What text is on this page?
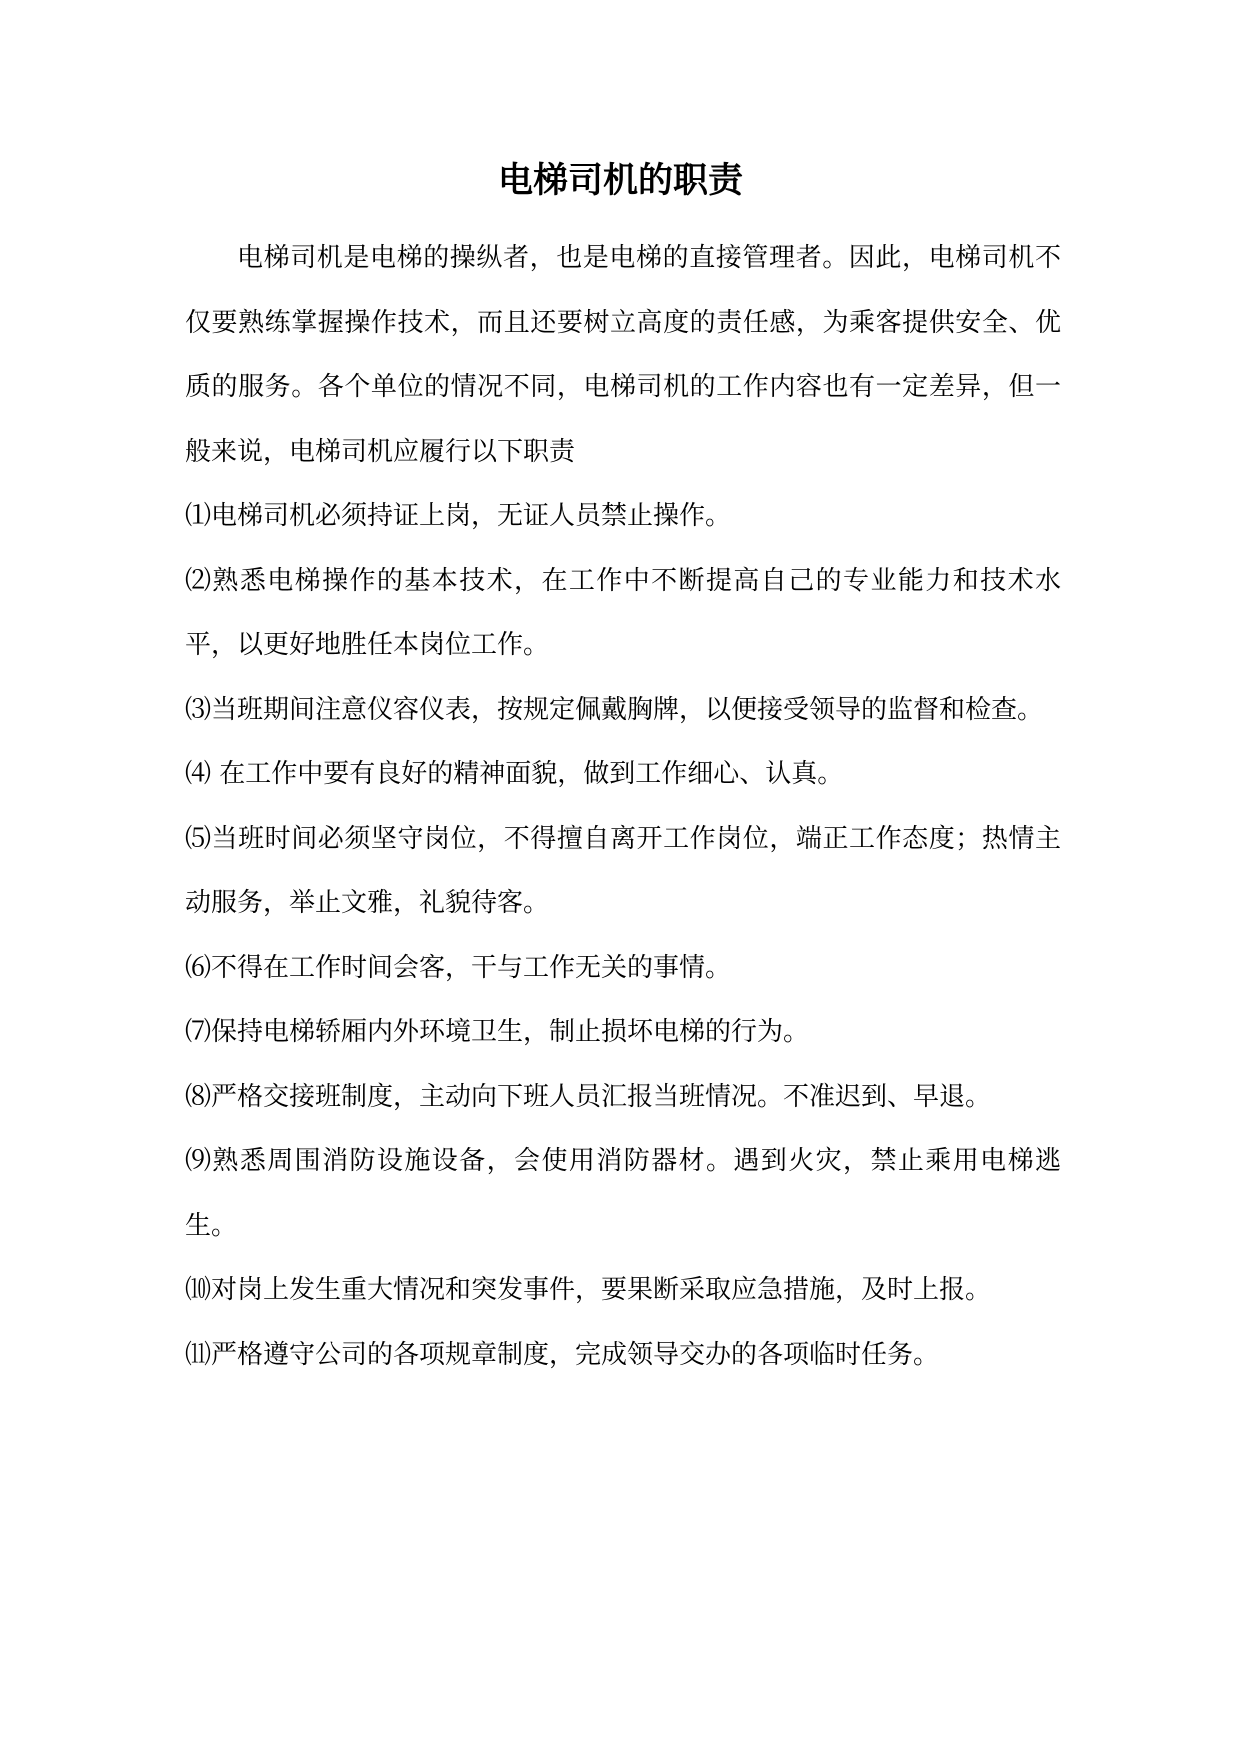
电梯司机的职责

电梯司机是电梯的操纵者，也是电梯的直接管理者。因此，电梯司机不仅要熟练掌握操作技术，而且还要树立高度的责任感，为乘客提供安全、优质的服务。各个单位的情况不同，电梯司机的工作内容也有一定差异，但一般来说，电梯司机应履行以下职责

⑴电梯司机必须持证上岗，无证人员禁止操作。

⑵熟悉电梯操作的基本技术，在工作中不断提高自己的专业能力和技术水平，以更好地胜任本岗位工作。

⑶当班期间注意仪容仪表，按规定佩戴胸牌，以便接受领导的监督和检查。

⑷ 在工作中要有良好的精神面貌，做到工作细心、认真。

⑸当班时间必须坚守岗位，不得擅自离开工作岗位，端正工作态度；热情主动服务，举止文雅，礼貌待客。

⑹不得在工作时间会客，干与工作无关的事情。

⑺保持电梯轿厢内外环境卫生，制止损坏电梯的行为。

⑻严格交接班制度，主动向下班人员汇报当班情况。不准迟到、早退。

⑼熟悉周围消防设施设备，会使用消防器材。遇到火灾，禁止乘用电梯逃生。

⑽对岗上发生重大情况和突发事件，要果断采取应急措施，及时上报。

⑾严格遵守公司的各项规章制度，完成领导交办的各项临时任务。
